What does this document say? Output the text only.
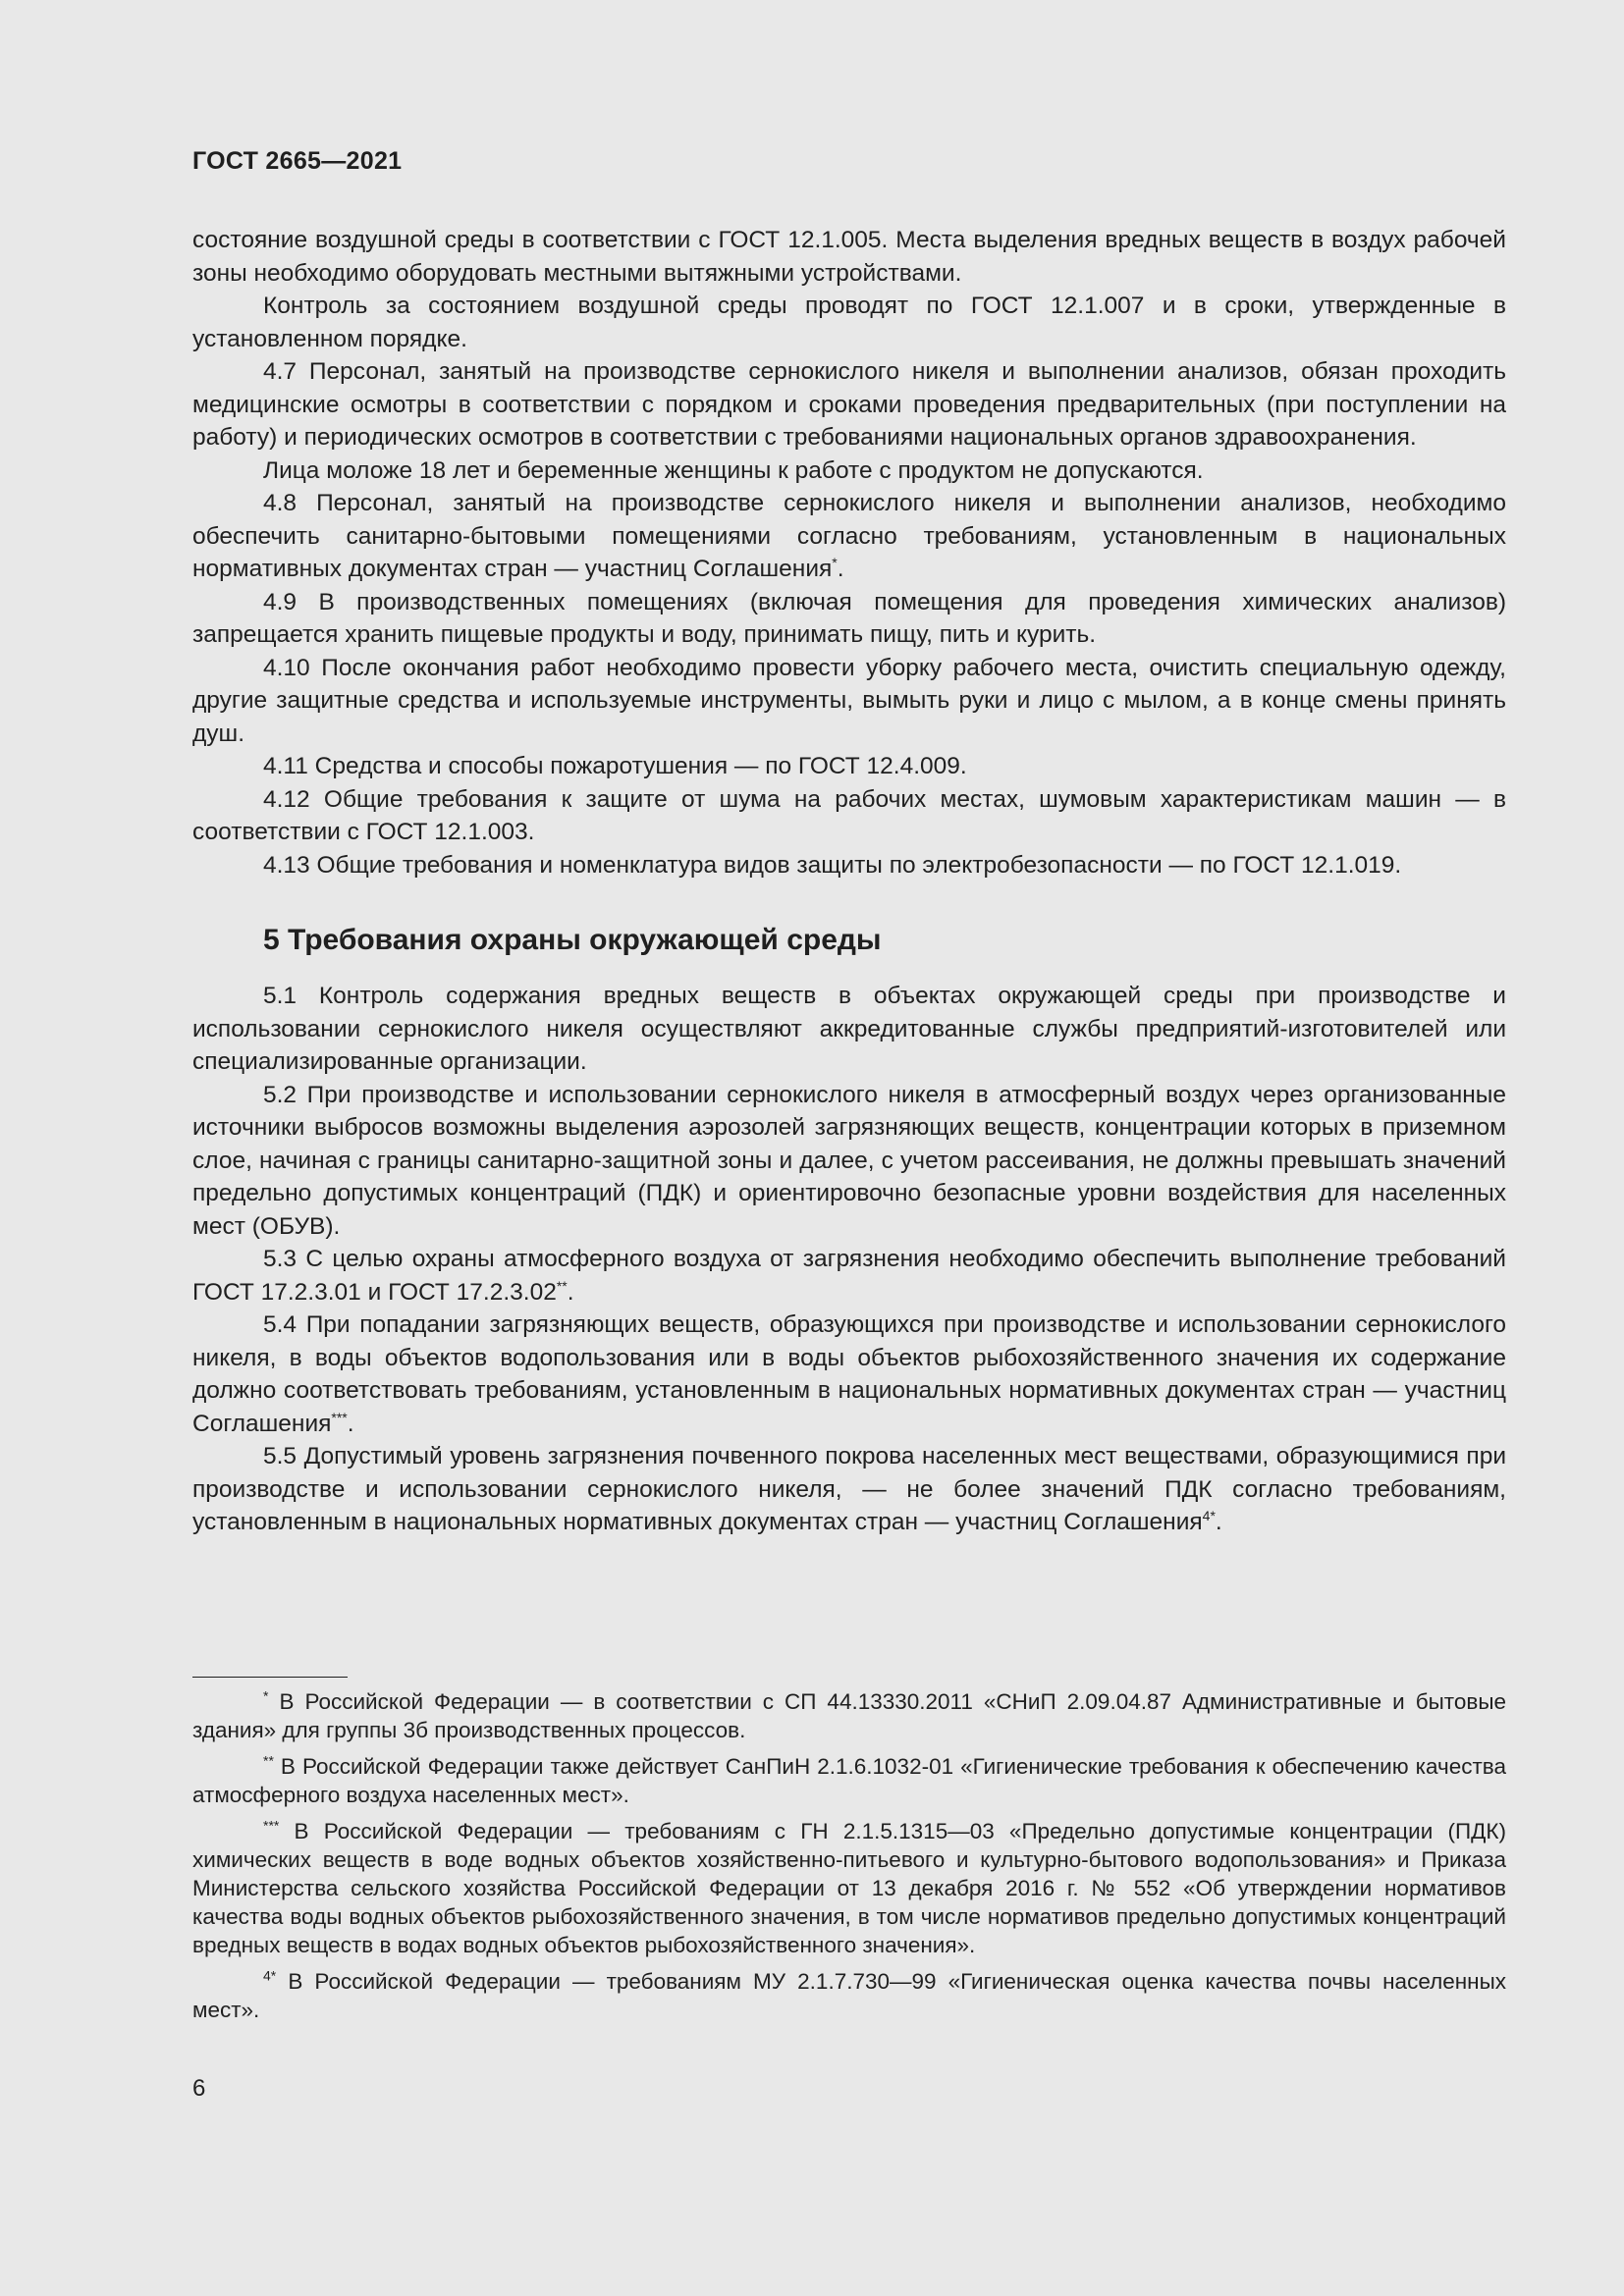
ГОСТ 2665—2021

состояние воздушной среды в соответствии с ГОСТ 12.1.005. Места выделения вредных веществ в воздух рабочей зоны необходимо оборудовать местными вытяжными устройствами.

Контроль за состоянием воздушной среды проводят по ГОСТ 12.1.007 и в сроки, утвержденные в установленном порядке.

4.7 Персонал, занятый на производстве сернокислого никеля и выполнении анализов, обязан проходить медицинские осмотры в соответствии с порядком и сроками проведения предварительных (при поступлении на работу) и периодических осмотров в соответствии с требованиями национальных органов здравоохранения.

Лица моложе 18 лет и беременные женщины к работе с продуктом не допускаются.

4.8 Персонал, занятый на производстве сернокислого никеля и выполнении анализов, необходимо обеспечить санитарно-бытовыми помещениями согласно требованиям, установленным в национальных нормативных документах стран — участниц Соглашения*.

4.9 В производственных помещениях (включая помещения для проведения химических анализов) запрещается хранить пищевые продукты и воду, принимать пищу, пить и курить.

4.10 После окончания работ необходимо провести уборку рабочего места, очистить специальную одежду, другие защитные средства и используемые инструменты, вымыть руки и лицо с мылом, а в конце смены принять душ.

4.11 Средства и способы пожаротушения — по ГОСТ 12.4.009.

4.12 Общие требования к защите от шума на рабочих местах, шумовым характеристикам машин — в соответствии с ГОСТ 12.1.003.

4.13 Общие требования и номенклатура видов защиты по электробезопасности — по ГОСТ 12.1.019.

5 Требования охраны окружающей среды

5.1 Контроль содержания вредных веществ в объектах окружающей среды при производстве и использовании сернокислого никеля осуществляют аккредитованные службы предприятий-изготовителей или специализированные организации.

5.2 При производстве и использовании сернокислого никеля в атмосферный воздух через организованные источники выбросов возможны выделения аэрозолей загрязняющих веществ, концентрации которых в приземном слое, начиная с границы санитарно-защитной зоны и далее, с учетом рассеивания, не должны превышать значений предельно допустимых концентраций (ПДК) и ориентировочно безопасные уровни воздействия для населенных мест (ОБУВ).

5.3 С целью охраны атмосферного воздуха от загрязнения необходимо обеспечить выполнение требований ГОСТ 17.2.3.01 и ГОСТ 17.2.3.02**.

5.4 При попадании загрязняющих веществ, образующихся при производстве и использовании сернокислого никеля, в воды объектов водопользования или в воды объектов рыбохозяйственного значения их содержание должно соответствовать требованиям, установленным в национальных нормативных документах стран — участниц Соглашения***.

5.5 Допустимый уровень загрязнения почвенного покрова населенных мест веществами, образующимися при производстве и использовании сернокислого никеля, — не более значений ПДК согласно требованиям, установленным в национальных нормативных документах стран — участниц Соглашения$^{4*}$.

* В Российской Федерации — в соответствии с СП 44.13330.2011 «СНиП 2.09.04.87 Административные и бытовые здания» для группы 3б производственных процессов.

** В Российской Федерации также действует СанПиН 2.1.6.1032-01 «Гигиенические требования к обеспечению качества атмосферного воздуха населенных мест».

*** В Российской Федерации — требованиям с ГН 2.1.5.1315—03 «Предельно допустимые концентрации (ПДК) химических веществ в воде водных объектов хозяйственно-питьевого и культурно-бытового водопользования» и Приказа Министерства сельского хозяйства Российской Федерации от 13 декабря 2016 г. № 552 «Об утверждении нормативов качества воды водных объектов рыбохозяйственного значения, в том числе нормативов предельно допустимых концентраций вредных веществ в водах водных объектов рыбохозяйственного значения».

$^{4*}$ В Российской Федерации — требованиям МУ 2.1.7.730—99 «Гигиеническая оценка качества почвы населенных мест».

6
